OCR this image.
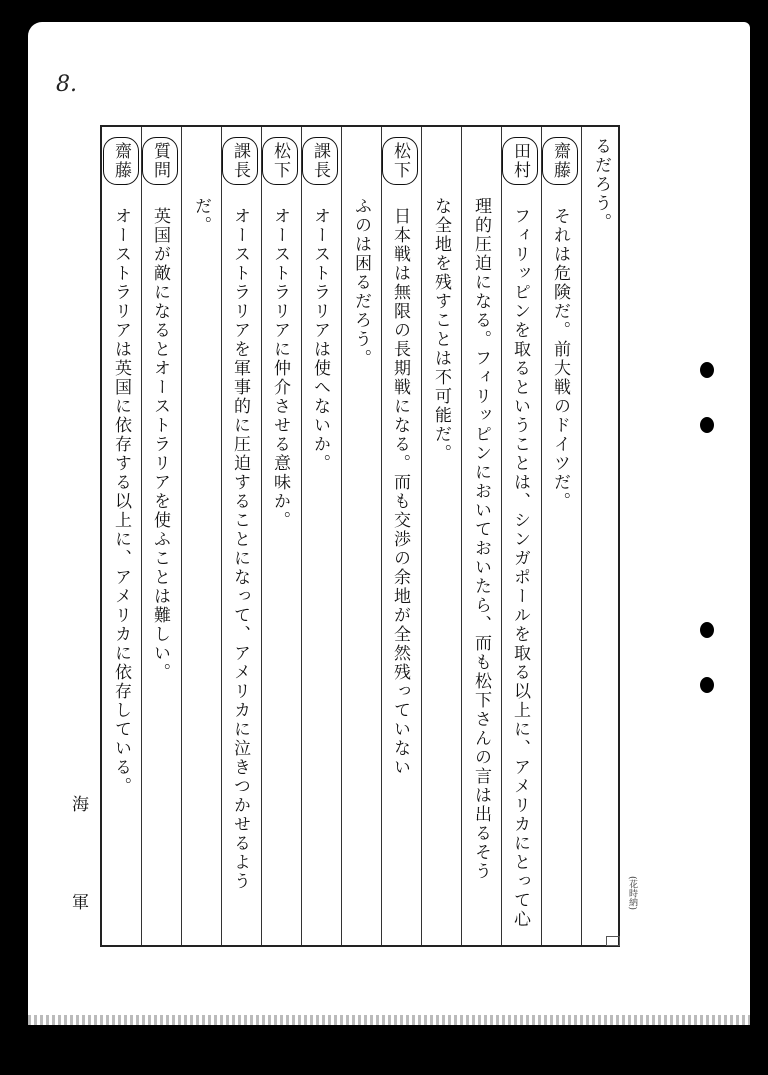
8.
海
軍	(花時納)
るだろう。
齋藤 それは危険だ。前大戦のドイツだ。
田村 フィリッピンを取るということは、シンガポールを取る以上に、アメリカにとって心
理的圧迫になる。フィリッピンにおいておいたら、而も松下さんの言は出るそう
な全地を残すことは不可能だ。
松下 日本戦は無限の長期戦になる。而も交渉の余地が全然残っていない
ふのは困るだろう。
課長 オーストラリアは使へないか。
松下 オーストラリアに仲介させる意味か。
課長 オーストラリアを軍事的に圧迫することになって、アメリカに泣きつかせるよう
だ。
質問 英国が敵になるとオーストラリアを使ふことは難しい。
齋藤 オーストラリアは英国に依存する以上に、アメリカに依存している。
